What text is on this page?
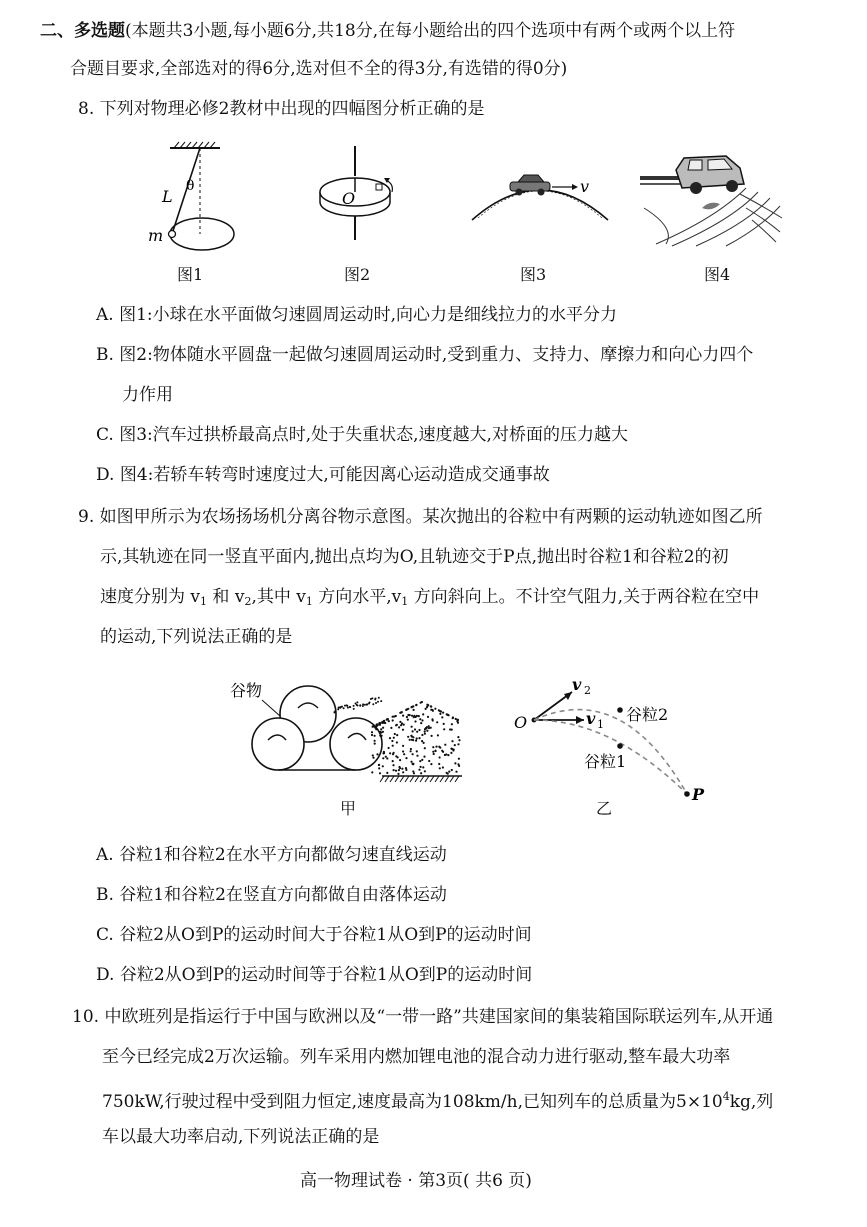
二、多选题(本题共3小题,每小题6分,共18分,在每小题给出的四个选项中有两个或两个以上符
合题目要求,全部选对的得6分,选对但不全的得3分,有选错的得0分)
8. 下列对物理必修2教材中出现的四幅图分析正确的是
L
θ
m
图1
O
图2
v
图3	图4
A. 图1:小球在水平面做匀速圆周运动时,向心力是细线拉力的水平分力
B. 图2:物体随水平圆盘一起做匀速圆周运动时,受到重力、支持力、摩擦力和向心力四个
力作用
C. 图3:汽车过拱桥最高点时,处于失重状态,速度越大,对桥面的压力越大
D. 图4:若轿车转弯时速度过大,可能因离心运动造成交通事故
9. 如图甲所示为农场扬场机分离谷物示意图。某次抛出的谷粒中有两颗的运动轨迹如图乙所
示,其轨迹在同一竖直平面内,抛出点均为O,且轨迹交于P点,抛出时谷粒1和谷粒2的初
速度分别为 $v_1$ 和 $v_2$,其中 $v_1$ 方向水平$,v_1$ 方向斜向上。不计空气阻力,关于两谷粒在空中
的运动,下列说法正确的是
谷物
甲
O
v 2
v 1
谷粒2
谷粒1
P
乙
A. 谷粒1和谷粒2在水平方向都做匀速直线运动
B. 谷粒1和谷粒2在竖直方向都做自由落体运动
C. 谷粒2从O到P的运动时间大于谷粒1从O到P的运动时间
D. 谷粒2从O到P的运动时间等于谷粒1从O到P的运动时间
10. 中欧班列是指运行于中国与欧洲以及“一带一路”共建国家间的集装箱国际联运列车,从开通
至今已经完成2万次运输。列车采用内燃加锂电池的混合动力进行驱动,整车最大功率
750kW,行驶过程中受到阻力恒定,速度最高为108km/h,已知列车的总质量为$5\times 10^4kg$,列
车以最大功率启动,下列说法正确的是
高一物理试卷 · 第3页( 共6 页)
